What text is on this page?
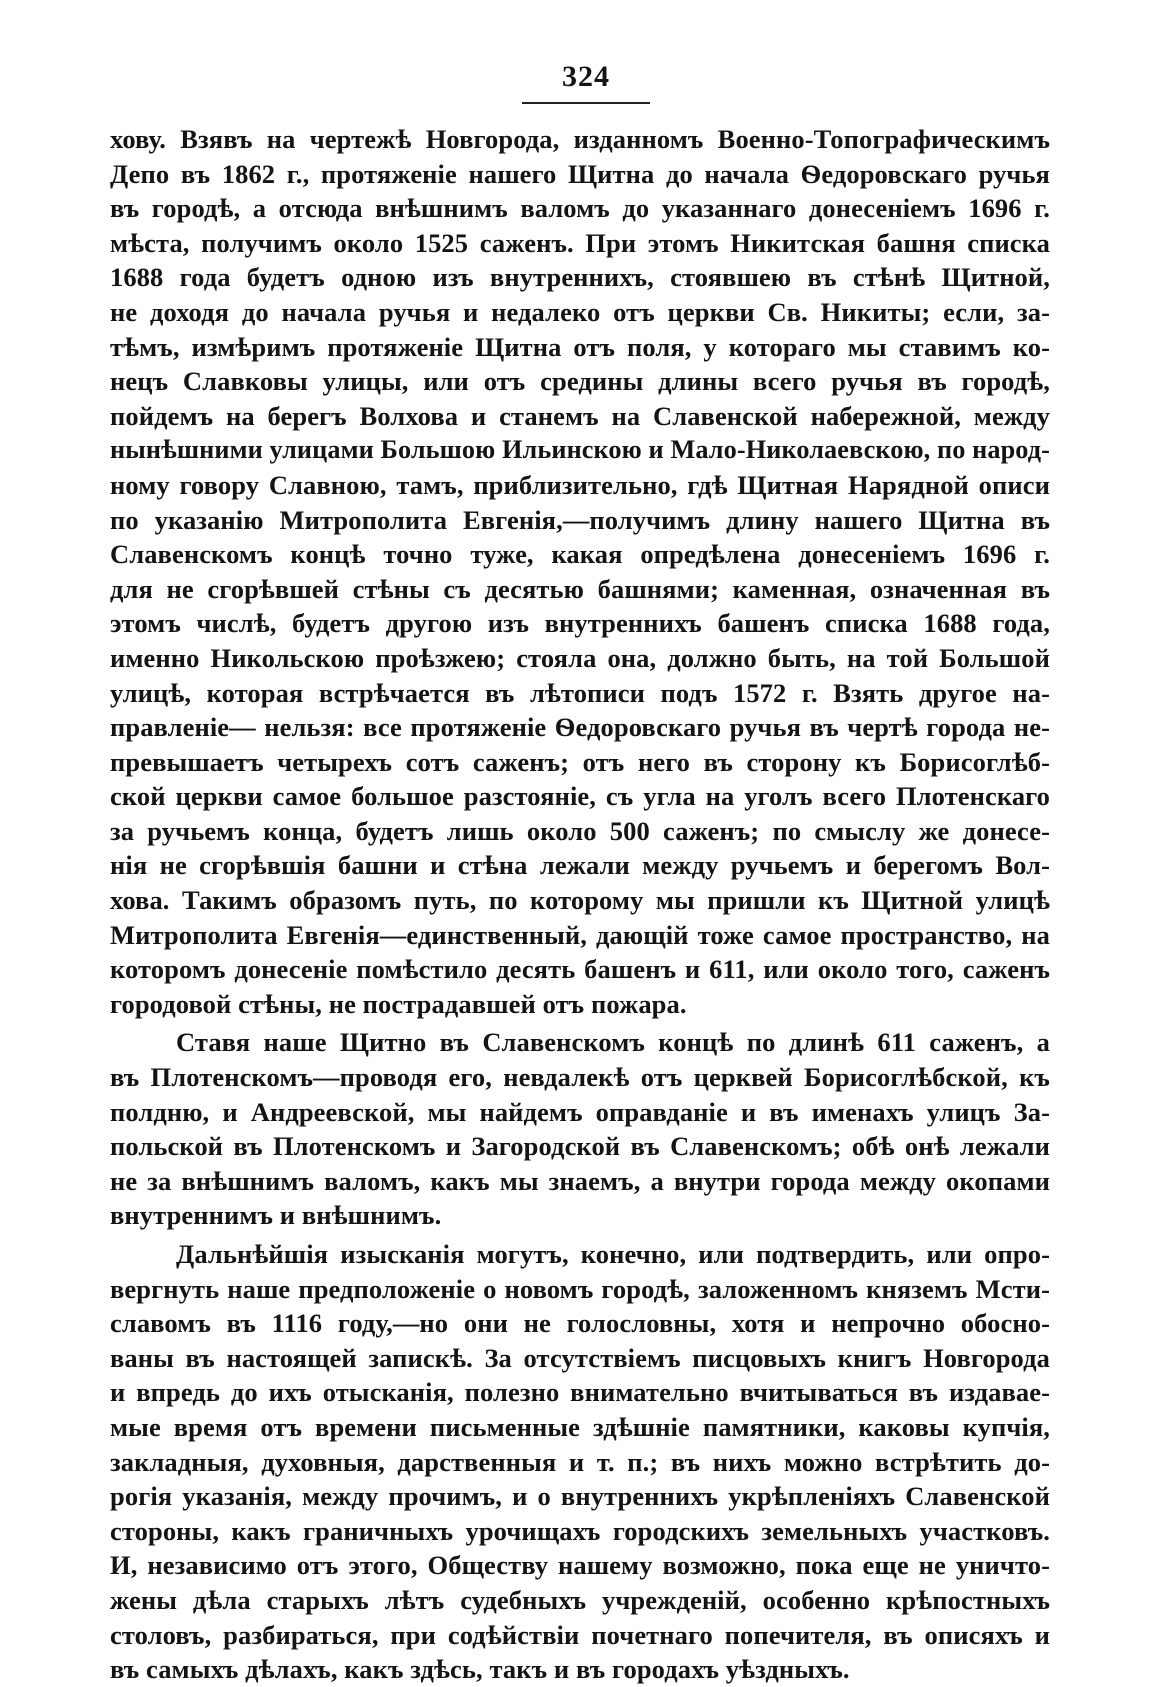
324
хову. Взявъ на чертежѣ Новгорода, изданномъ Военно-Топографическимъ
Депо въ 1862 г., протяженіе нашего Щитна до начала Ѳедоровскаго ручья
въ городѣ, а отсюда внѣшнимъ валомъ до указаннаго донесеніемъ 1696 г.
мѣста, получимъ около 1525 саженъ. При этомъ Никитская башня списка
1688 года будетъ одною изъ внутреннихъ, стоявшею въ стѣнѣ Щитной,
не доходя до начала ручья и недалеко отъ церкви Св. Никиты; если, за-
тѣмъ, измѣримъ протяженіе Щитна отъ поля, у котораго мы ставимъ ко-
нецъ Славковы улицы, или отъ средины длины всего ручья въ городѣ,
пойдемъ на берегъ Волхова и станемъ на Славенской набережной, между
нынѣшними улицами Большою Ильинскою и Мало-Николаевскою, по народ-
ному говору Славною, тамъ, приблизительно, гдѣ Щитная Нарядной описи
по указанію Митрополита Евгенія,—получимъ длину нашего Щитна въ
Славенскомъ концѣ точно туже, какая опредѣлена донесеніемъ 1696 г.
для не сгорѣвшей стѣны съ десятью башнями; каменная, означенная въ
этомъ числѣ, будетъ другою изъ внутреннихъ башенъ списка 1688 года,
именно Никольскою проѣзжею; стояла она, должно быть, на той Большой
улицѣ, которая встрѣчается въ лѣтописи подъ 1572 г. Взять другое на-
правленіе— нельзя: все протяженіе Ѳедоровскаго ручья въ чертѣ города не-
превышаетъ четырехъ сотъ саженъ; отъ него въ сторону къ Борисоглѣб-
ской церкви самое большое разстояніе, съ угла на уголъ всего Плотенскаго
за ручьемъ конца, будетъ лишь около 500 саженъ; по смыслу же донесе-
нія не сгорѣвшія башни и стѣна лежали между ручьемъ и берегомъ Вол-
хова. Такимъ образомъ путь, по которому мы пришли къ Щитной улицѣ
Митрополита Евгенія—единственный, дающій тоже самое пространство, на
которомъ донесеніе помѣстило десять башенъ и 611, или около того, саженъ
городовой стѣны, не пострадавшей отъ пожара.
Ставя наше Щитно въ Славенскомъ концѣ по длинѣ 611 саженъ, а
въ Плотенскомъ—проводя его, невдалекѣ отъ церквей Борисоглѣбской, къ
полдню, и Андреевской, мы найдемъ оправданіе и въ именахъ улицъ За-
польской въ Плотенскомъ и Загородской въ Славенскомъ; обѣ онѣ лежали
не за внѣшнимъ валомъ, какъ мы знаемъ, а внутри города между окопами
внутреннимъ и внѣшнимъ.
Дальнѣйшія изысканія могутъ, конечно, или подтвердить, или опро-
вергнуть наше предположеніе о новомъ городѣ, заложенномъ княземъ Мсти-
славомъ въ 1116 году,—но они не голословны, хотя и непрочно обосно-
ваны въ настоящей запискѣ. За отсутствіемъ писцовыхъ книгъ Новгорода
и впредь до ихъ отысканія, полезно внимательно вчитываться въ издавае-
мые время отъ времени письменные здѣшніе памятники, каковы купчія,
закладныя, духовныя, дарственныя и т. п.; въ нихъ можно встрѣтить до-
рогія указанія, между прочимъ, и о внутреннихъ укрѣпленіяхъ Славенской
стороны, какъ граничныхъ урочищахъ городскихъ земельныхъ участковъ.
И, независимо отъ этого, Обществу нашему возможно, пока еще не уничто-
жены дѣла старыхъ лѣтъ судебныхъ учрежденій, особенно крѣпостныхъ
столовъ, разбираться, при содѣйствіи почетнаго попечителя, въ описяхъ и
въ самыхъ дѣлахъ, какъ здѣсь, такъ и въ городахъ уѣздныхъ.
